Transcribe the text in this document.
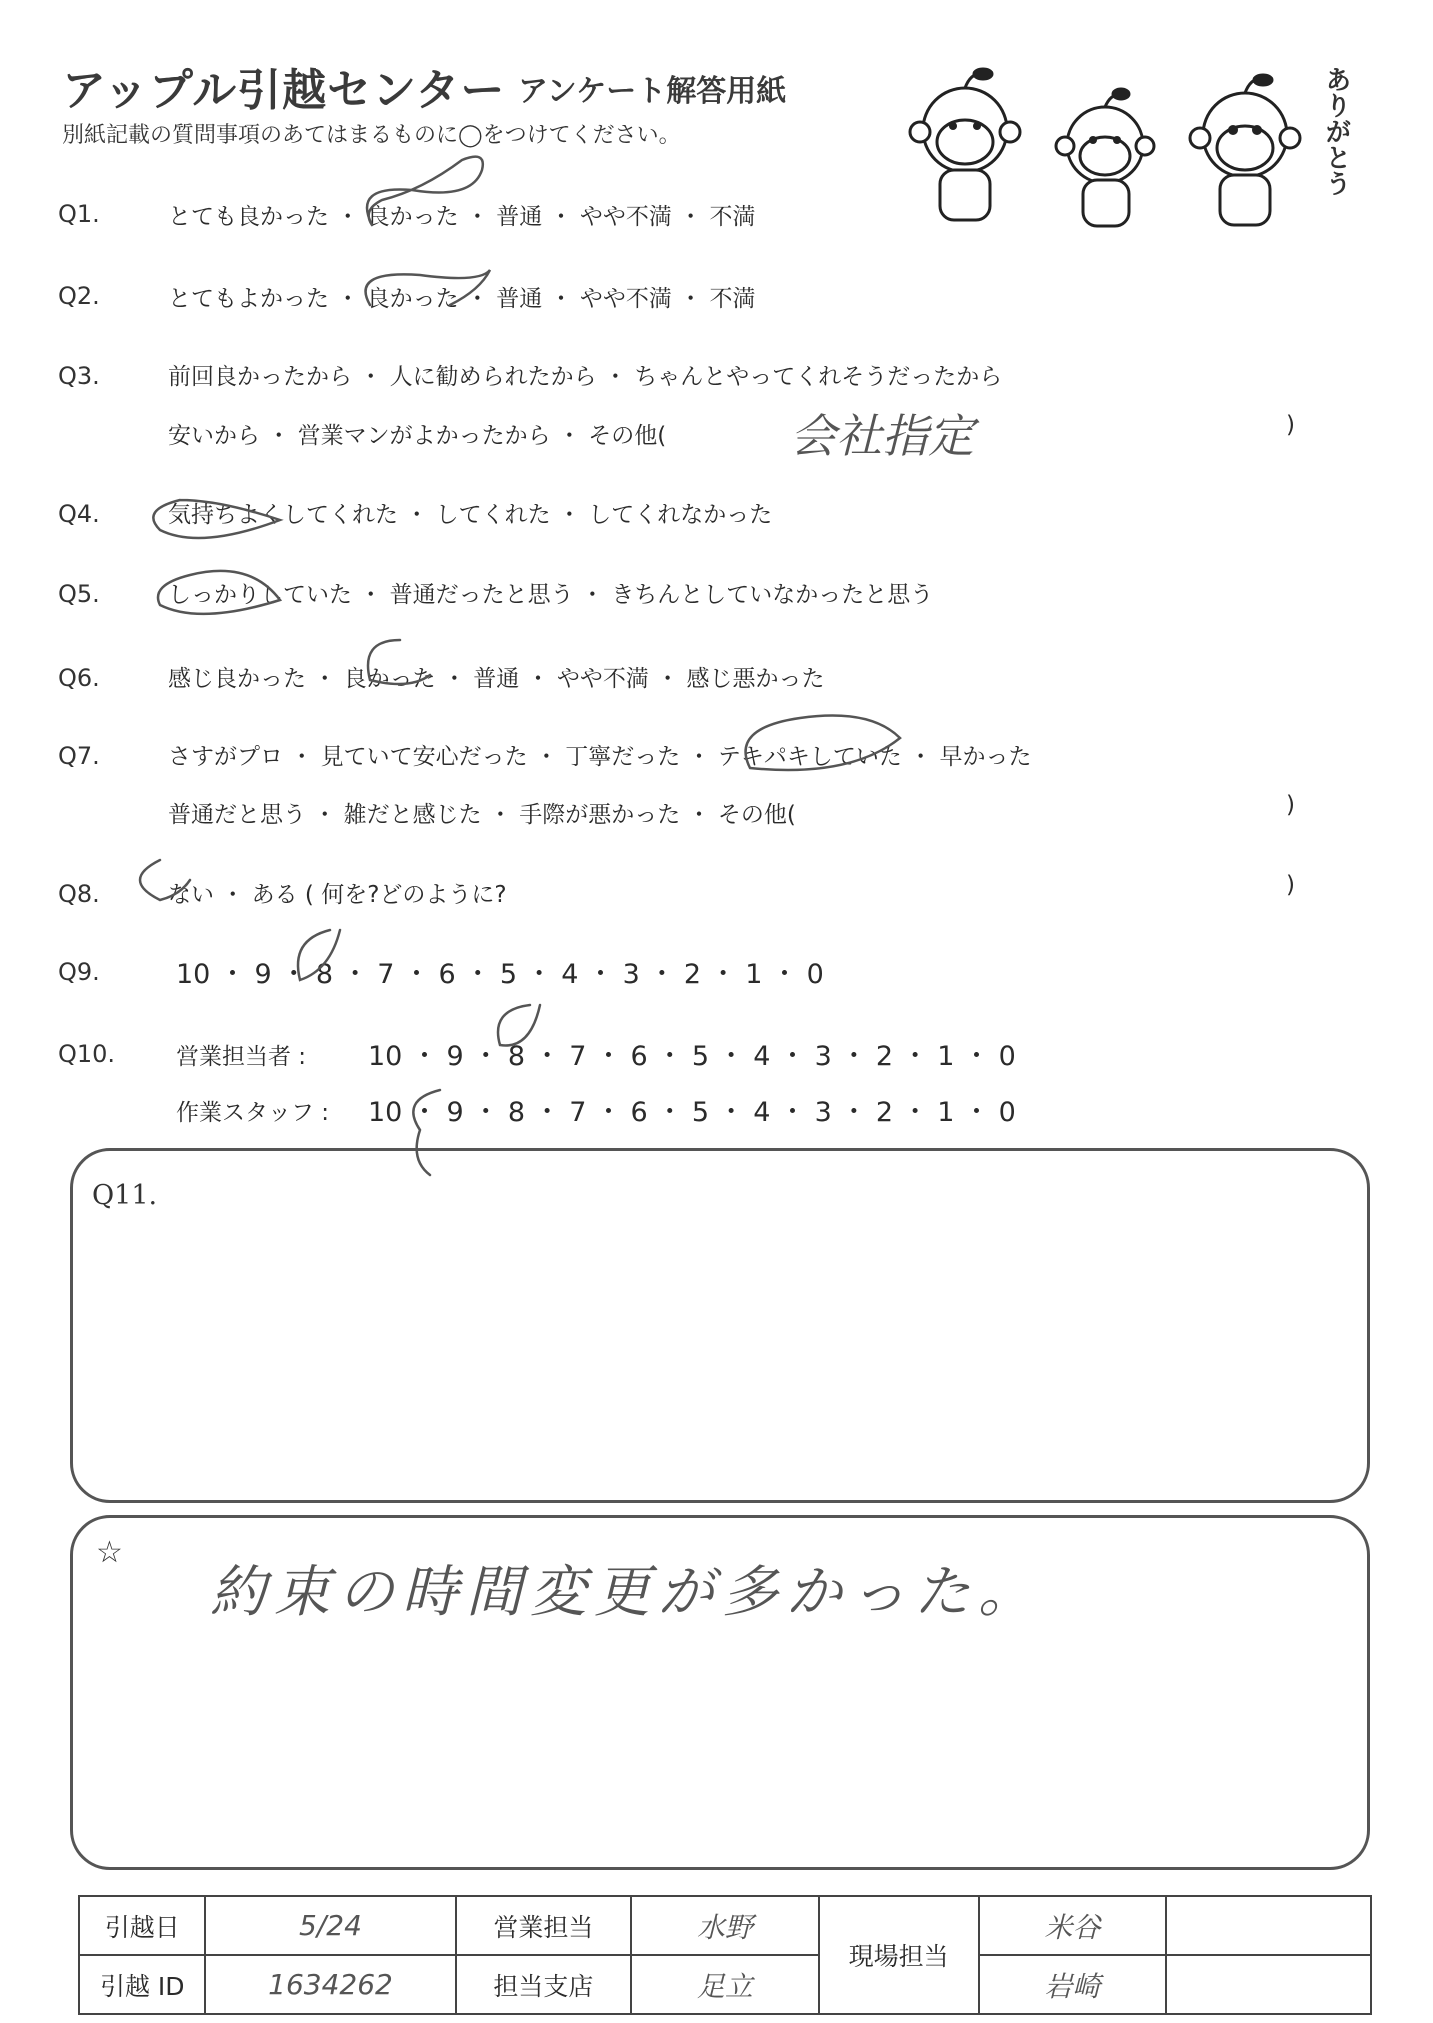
アップル引越センター アンケート解答用紙
別紙記載の質問事項のあてはまるものに◯をつけてください。	ありがとう
Q1.	とても良かった ・ 良かった ・ 普通 ・ やや不満 ・ 不満
Q2.	とてもよかった ・ 良かった ・ 普通 ・ やや不満 ・ 不満
Q3.	前回良かったから ・ 人に勧められたから ・ ちゃんとやってくれそうだったから
安いから ・ 営業マンがよかったから ・ その他(	)
会社指定
Q4.	気持ちよくしてくれた ・ してくれた ・ してくれなかった
Q5.	しっかりしていた ・ 普通だったと思う ・ きちんとしていなかったと思う
Q6.	感じ良かった ・ 良かった ・ 普通 ・ やや不満 ・ 感じ悪かった
Q7.	さすがプロ ・ 見ていて安心だった ・ 丁寧だった ・ テキパキしていた ・ 早かった
普通だと思う ・ 雑だと感じた ・ 手際が悪かった ・ その他(	)
Q8.	ない ・ ある ( 何を?どのように?	)
Q9.	10 ・ 9 ・ 8 ・ 7 ・ 6 ・ 5 ・ 4 ・ 3 ・ 2 ・ 1 ・ 0
Q10.	営業担当者 : 10 ・ 9 ・ 8 ・ 7 ・ 6 ・ 5 ・ 4 ・ 3 ・ 2 ・ 1 ・ 0
作業スタッフ : 10 ・ 9 ・ 8 ・ 7 ・ 6 ・ 5 ・ 4 ・ 3 ・ 2 ・ 1 ・ 0
Q11.
☆
約束の時間変更が多かった。
引越日	5/24	営業担当	水野	現場担当	米谷	
引越 ID	1634262	担当支店	足立		岩崎	
